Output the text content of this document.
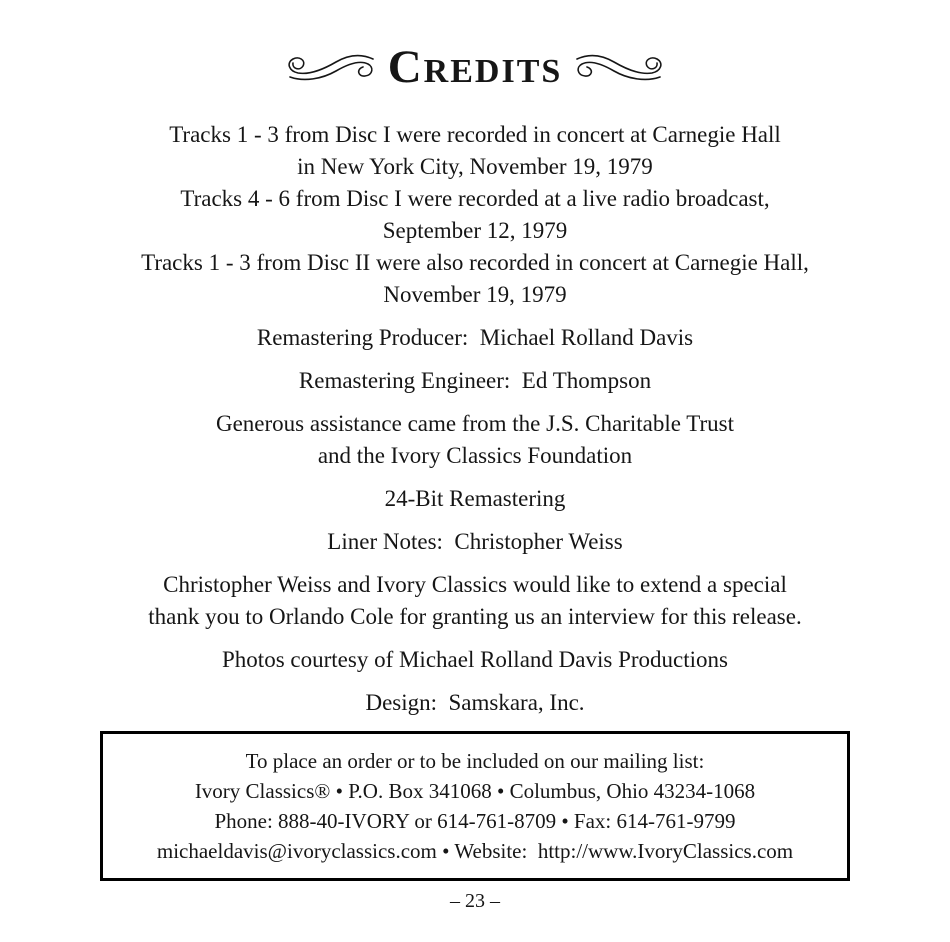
CREDITS

Tracks 1 - 3 from Disc I were recorded in concert at Carnegie Hall
in New York City, November 19, 1979
Tracks 4 - 6 from Disc I were recorded at a live radio broadcast,
September 12, 1979
Tracks 1 - 3 from Disc II were also recorded in concert at Carnegie Hall,
November 19, 1979

Remastering Producer:  Michael Rolland Davis

Remastering Engineer:  Ed Thompson

Generous assistance came from the J.S. Charitable Trust
and the Ivory Classics Foundation

24-Bit Remastering

Liner Notes:  Christopher Weiss

Christopher Weiss and Ivory Classics would like to extend a special
thank you to Orlando Cole for granting us an interview for this release.

Photos courtesy of Michael Rolland Davis Productions

Design:  Samskara, Inc.

To place an order or to be included on our mailing list:
Ivory Classics® • P.O. Box 341068 • Columbus, Ohio 43234-1068
Phone: 888-40-IVORY or 614-761-8709 • Fax: 614-761-9799
michaeldavis@ivoryclassics.com • Website:  http://www.IvoryClassics.com
– 23 –
